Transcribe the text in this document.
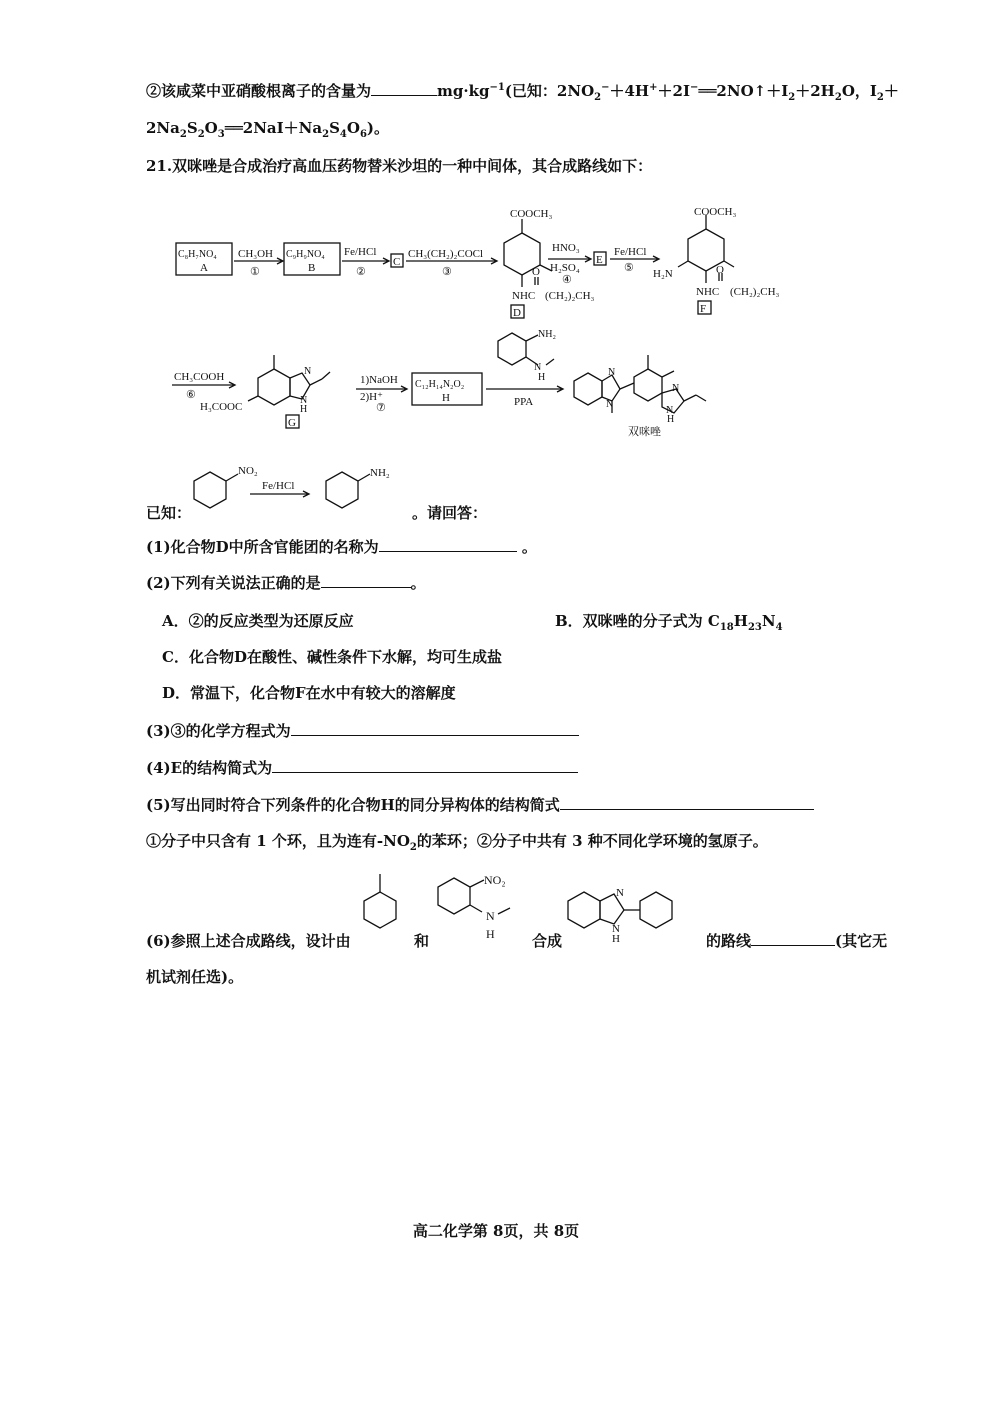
②该咸菜中亚硝酸根离子的含量为	$mg\cdot kg^{-1}$(已知：$2NO_2^-+4H^++2I^-══2NO↑+I_2+2H_2O$，$I_2+$
$2Na_2S_2O_3══2NaI+Na_2S_4O_6$)。
21.双咪唑是合成治疗高血压药物替米沙坦的一种中间体，其合成路线如下：
C₈H₇NO₄
A
CH₃OH
①
C₉H₉NO₄
B
Fe/HCl
②
C
CH₃(CH₂)₂COCl
③
COOCH₃
O
NHC (CH₂)₂CH₃
D
HNO₃
H₂SO₄
④
E
Fe/HCl
⑤
COOCH₃
H₂N	O
NHC (CH₂)₂CH₃
F
CH₃COOH
⑥
H₃COOC
N
N
H
G
1)NaOH
2)H⁺
⑦
C₁₂H₁₄N₂O₂
H
NH₂
N
H
PPA
N
N
N
N
H
双咪唑
NO₂
Fe/HCl
NH₂
已知：	。请回答：
(1)化合物D中所含官能团的名称为	。
(2)下列有关说法正确的是	。
A．②的反应类型为还原反应	B．双咪唑的分子式为 $C_{18}H_{23}N_4$
C．化合物D在酸性、碱性条件下水解，均可生成盐
D．常温下，化合物F在水中有较大的溶解度
(3)③的化学方程式为
(4)E的结构简式为
(5)写出同时符合下列条件的化合物H的同分异构体的结构简式
①分子中只含有 1 个环，且为连有$-NO_2$的苯环；②分子中共有 3 种不同化学环境的氢原子。
NO₂
N
H
N
N
H
(6)参照上述合成路线，设计由	和	合成	的路线	(其它无
机试剂任选)。
高二化学第 8页，共 8页
